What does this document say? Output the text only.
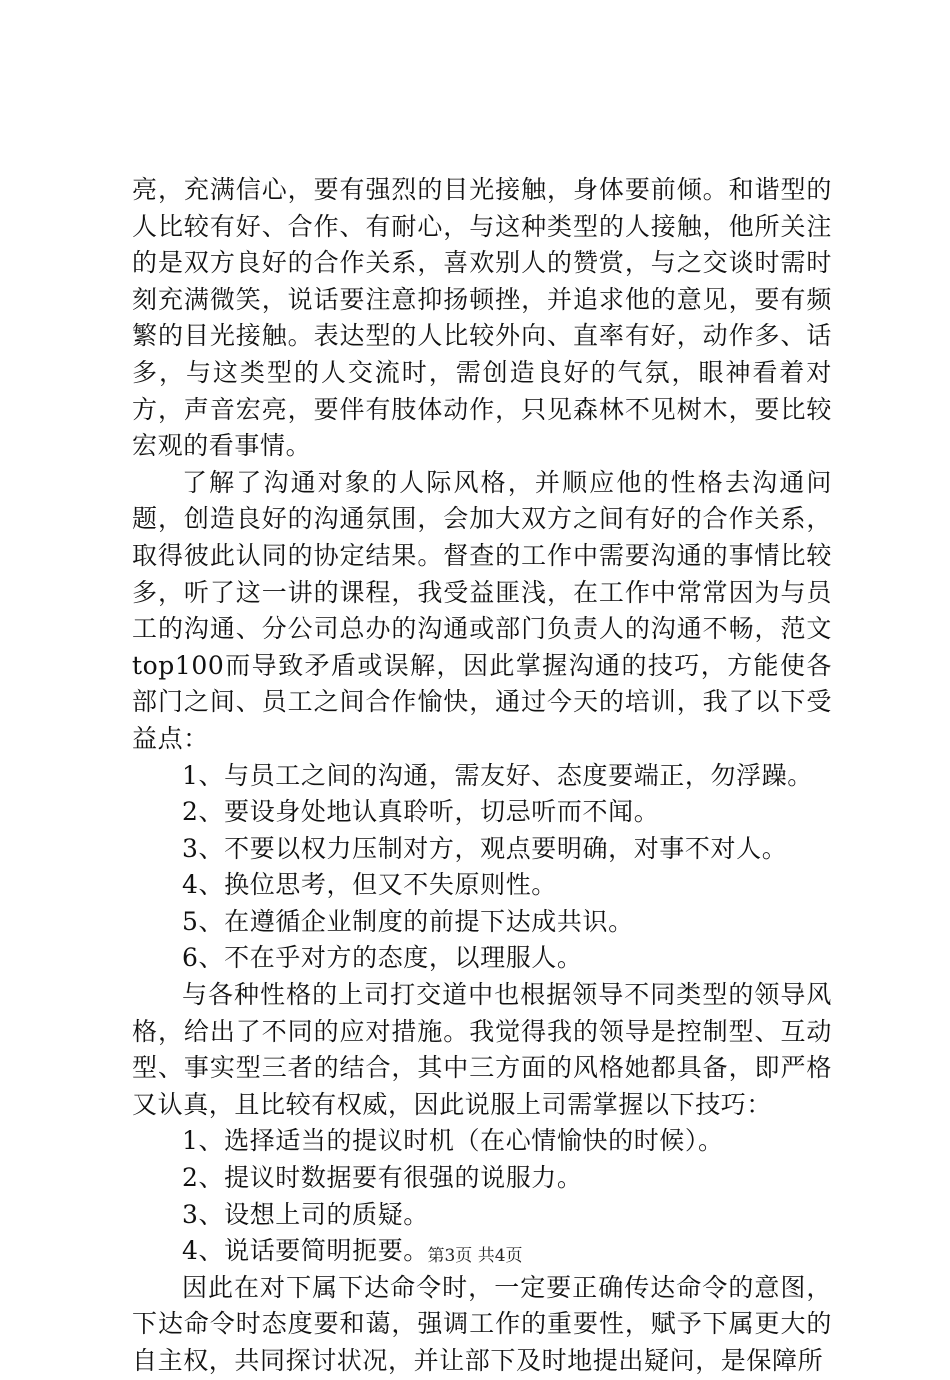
亮，充满信心，要有强烈的目光接触，身体要前倾。和谐型的人比较有好、合作、有耐心，与这种类型的人接触，他所关注的是双方良好的合作关系，喜欢别人的赞赏，与之交谈时需时刻充满微笑，说话要注意抑扬顿挫，并追求他的意见，要有频繁的目光接触。表达型的人比较外向、直率有好，动作多、话多，与这类型的人交流时，需创造良好的气氛，眼神看着对方，声音宏亮，要伴有肢体动作，只见森林不见树木，要比较宏观的看事情。

了解了沟通对象的人际风格，并顺应他的性格去沟通问题，创造良好的沟通氛围，会加大双方之间有好的合作关系，取得彼此认同的协定结果。督查的工作中需要沟通的事情比较多，听了这一讲的课程，我受益匪浅，在工作中常常因为与员工的沟通、分公司总办的沟通或部门负责人的沟通不畅，范文top100而导致矛盾或误解，因此掌握沟通的技巧，方能使各部门之间、员工之间合作愉快，通过今天的培训，我了以下受益点：

1、与员工之间的沟通，需友好、态度要端正，勿浮躁。

2、要设身处地认真聆听，切忌听而不闻。

3、不要以权力压制对方，观点要明确，对事不对人。

4、换位思考，但又不失原则性。

5、在遵循企业制度的前提下达成共识。

6、不在乎对方的态度，以理服人。

与各种性格的上司打交道中也根据领导不同类型的领导风格，给出了不同的应对措施。我觉得我的领导是控制型、互动型、事实型三者的结合，其中三方面的风格她都具备，即严格又认真，且比较有权威，因此说服上司需掌握以下技巧：

1、选择适当的提议时机（在心情愉快的时候）。

2、提议时数据要有很强的说服力。

3、设想上司的质疑。

4、说话要简明扼要。

因此在对下属下达命令时，一定要正确传达命令的意图，下达命令时态度要和蔼，强调工作的重要性，赋予下属更大的自主权，共同探讨状况，并让部下及时地提出疑问，是保障所

第3页 共4页
